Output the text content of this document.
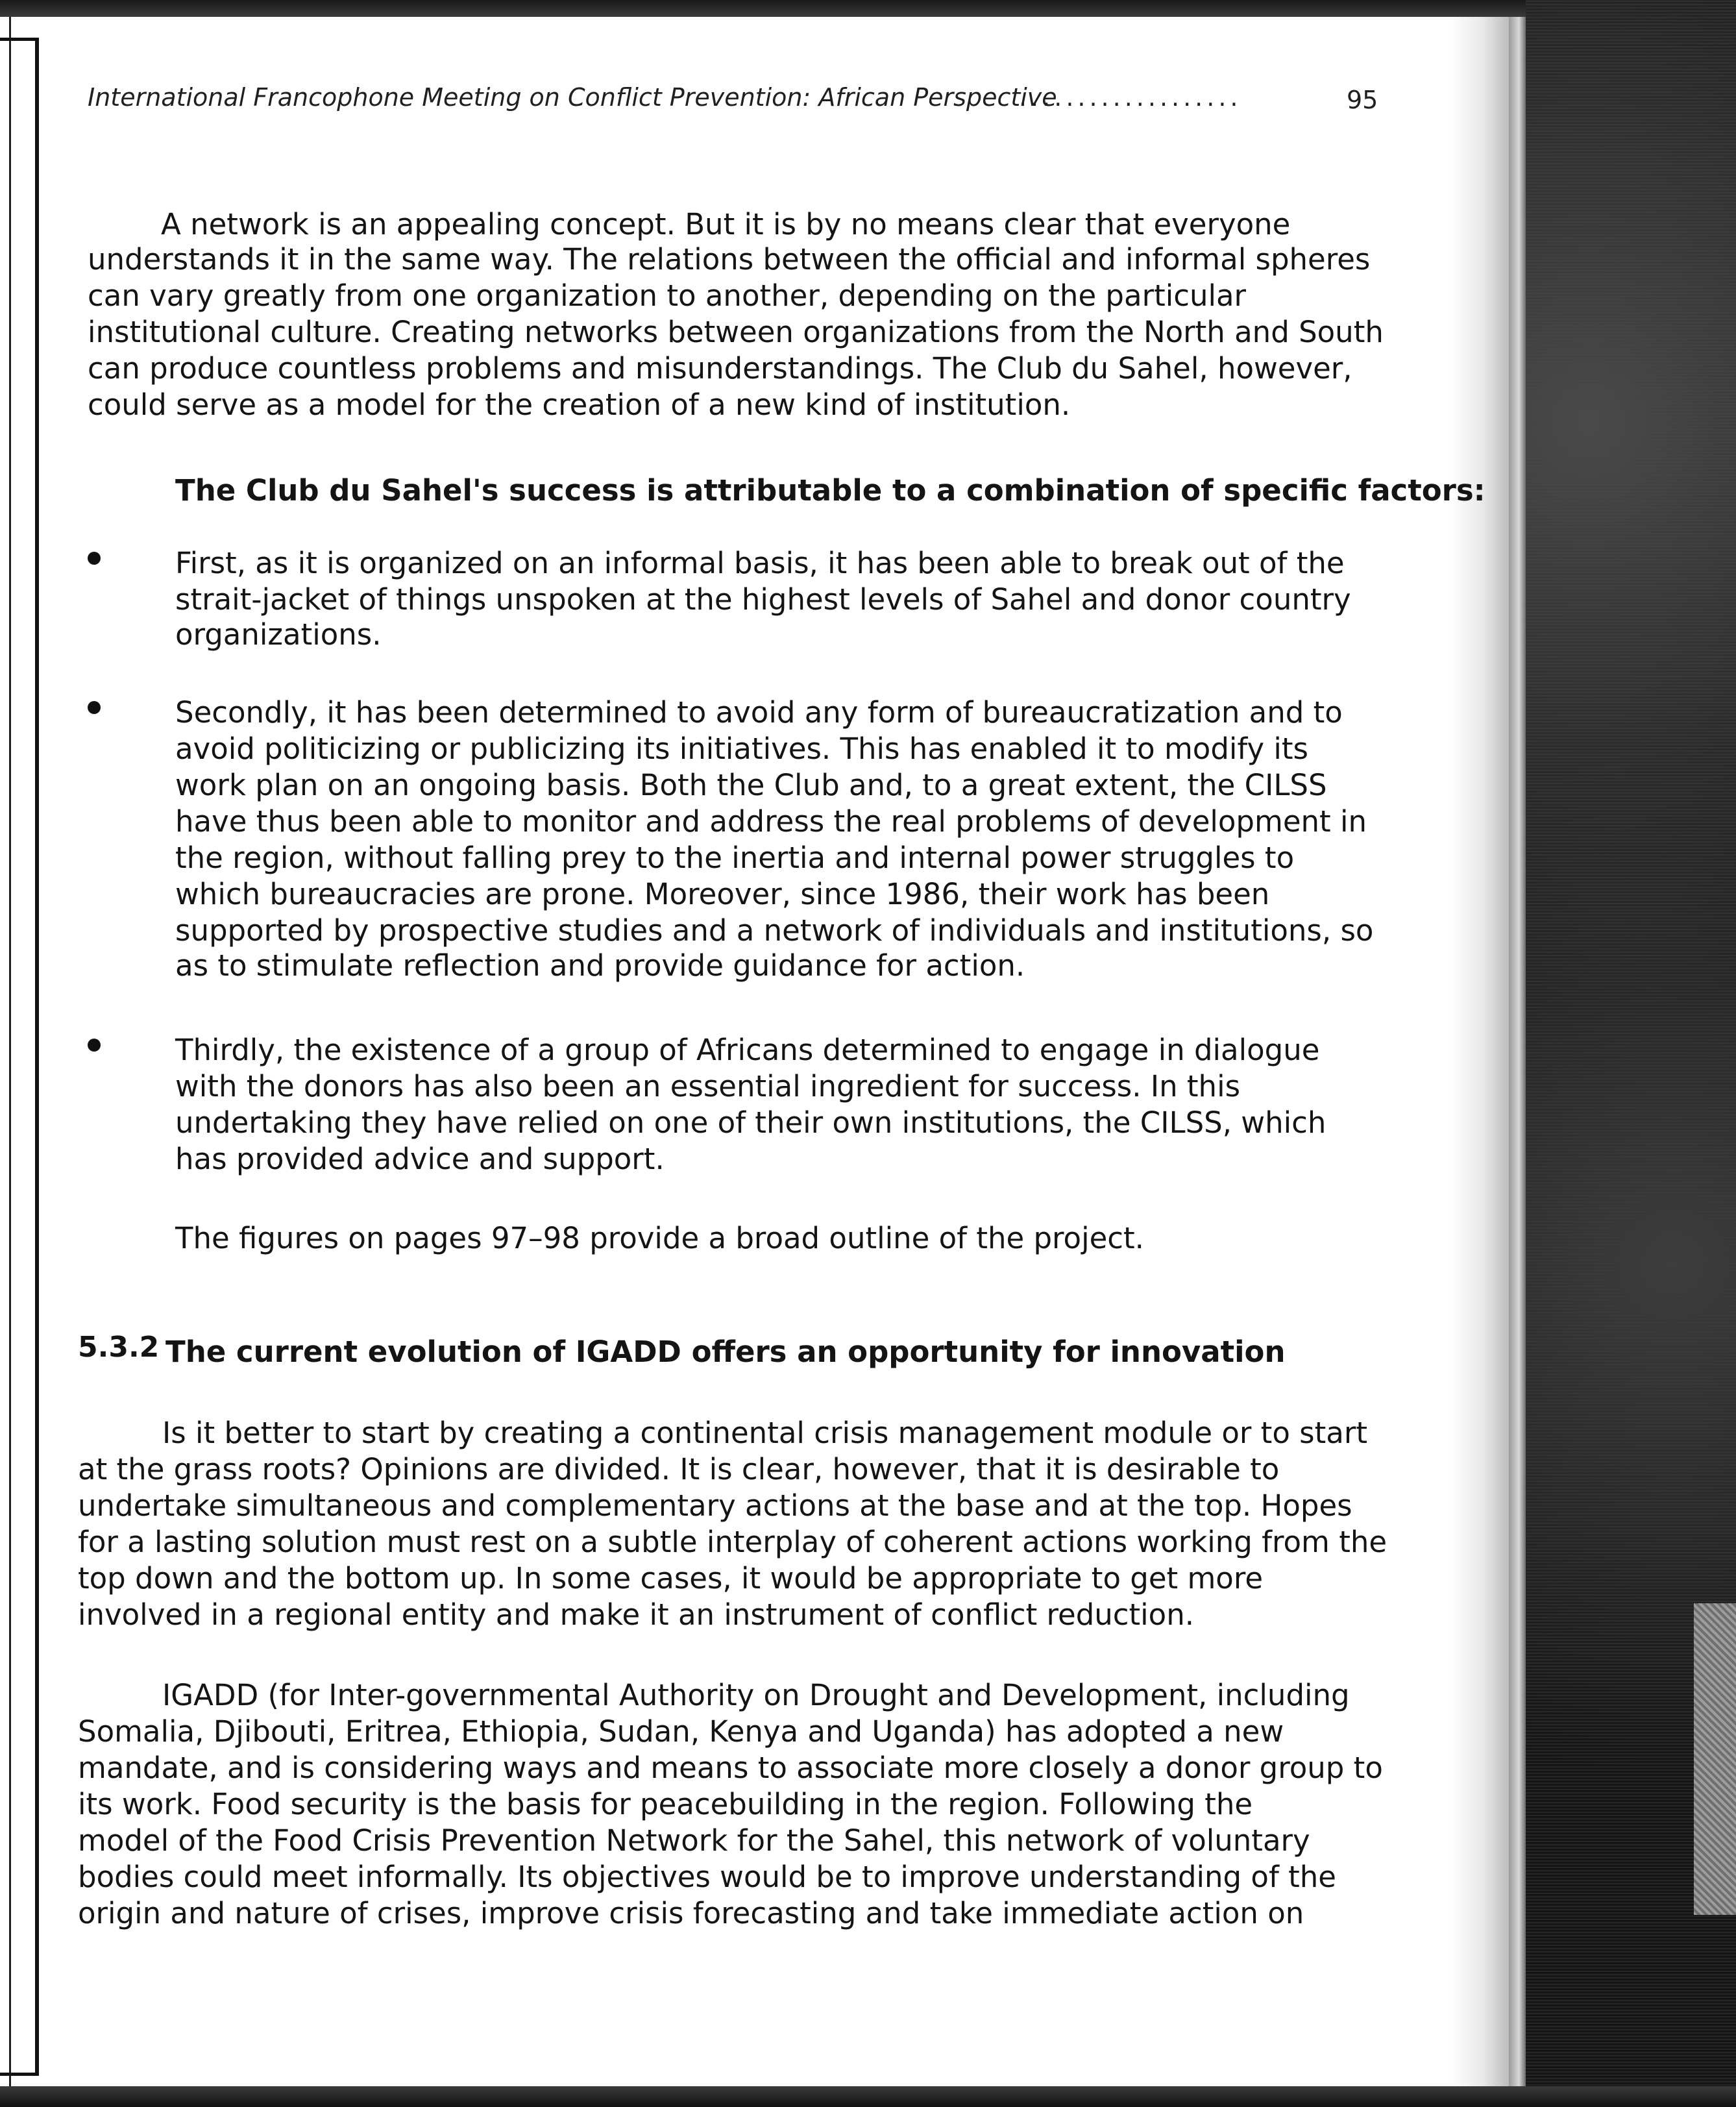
International Francophone Meeting on Conflict Prevention: African Perspective
...................	95
A network is an appealing concept. But it is by no means clear that everyone
understands it in the same way. The relations between the official and informal spheres
can vary greatly from one organization to another, depending on the particular
institutional culture. Creating networks between organizations from the North and South
can produce countless problems and misunderstandings. The Club du Sahel, however,
could serve as a model for the creation of a new kind of institution.
The Club du Sahel's success is attributable to a combination of specific factors:
First, as it is organized on an informal basis, it has been able to break out of the
strait-jacket of things unspoken at the highest levels of Sahel and donor country
organizations.
Secondly, it has been determined to avoid any form of bureaucratization and to
avoid politicizing or publicizing its initiatives. This has enabled it to modify its
work plan on an ongoing basis. Both the Club and, to a great extent, the CILSS
have thus been able to monitor and address the real problems of development in
the region, without falling prey to the inertia and internal power struggles to
which bureaucracies are prone. Moreover, since 1986, their work has been
supported by prospective studies and a network of individuals and institutions, so
as to stimulate reflection and provide guidance for action.
Thirdly, the existence of a group of Africans determined to engage in dialogue
with the donors has also been an essential ingredient for success. In this
undertaking they have relied on one of their own institutions, the CILSS, which
has provided advice and support.
The figures on pages 97–98 provide a broad outline of the project.
5.3.2 The current evolution of IGADD offers an opportunity for innovation
Is it better to start by creating a continental crisis management module or to start
at the grass roots? Opinions are divided. It is clear, however, that it is desirable to
undertake simultaneous and complementary actions at the base and at the top. Hopes
for a lasting solution must rest on a subtle interplay of coherent actions working from the
top down and the bottom up. In some cases, it would be appropriate to get more
involved in a regional entity and make it an instrument of conflict reduction.
IGADD (for Inter-governmental Authority on Drought and Development, including
Somalia, Djibouti, Eritrea, Ethiopia, Sudan, Kenya and Uganda) has adopted a new
mandate, and is considering ways and means to associate more closely a donor group to
its work. Food security is the basis for peacebuilding in the region. Following the
model of the Food Crisis Prevention Network for the Sahel, this network of voluntary
bodies could meet informally. Its objectives would be to improve understanding of the
origin and nature of crises, improve crisis forecasting and take immediate action on
